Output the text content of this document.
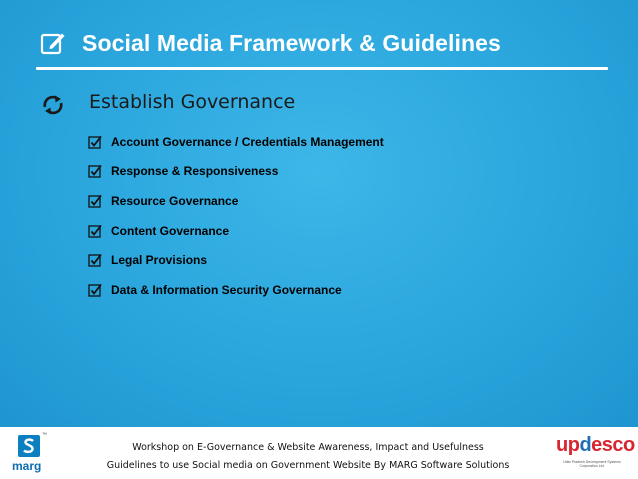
Social Media Framework & Guidelines
Establish Governance
Account Governance / Credentials Management
Response & Responsiveness
Resource Governance
Content Governance
Legal Provisions
Data & Information Security Governance
™
marg
Workshop on E-Governance & Website Awareness, Impact and Usefulness
Guidelines to use Social media on Government Website By MARG Software Solutions
updesco
Uttar Pradesh Development Systems Corporation Ltd.
